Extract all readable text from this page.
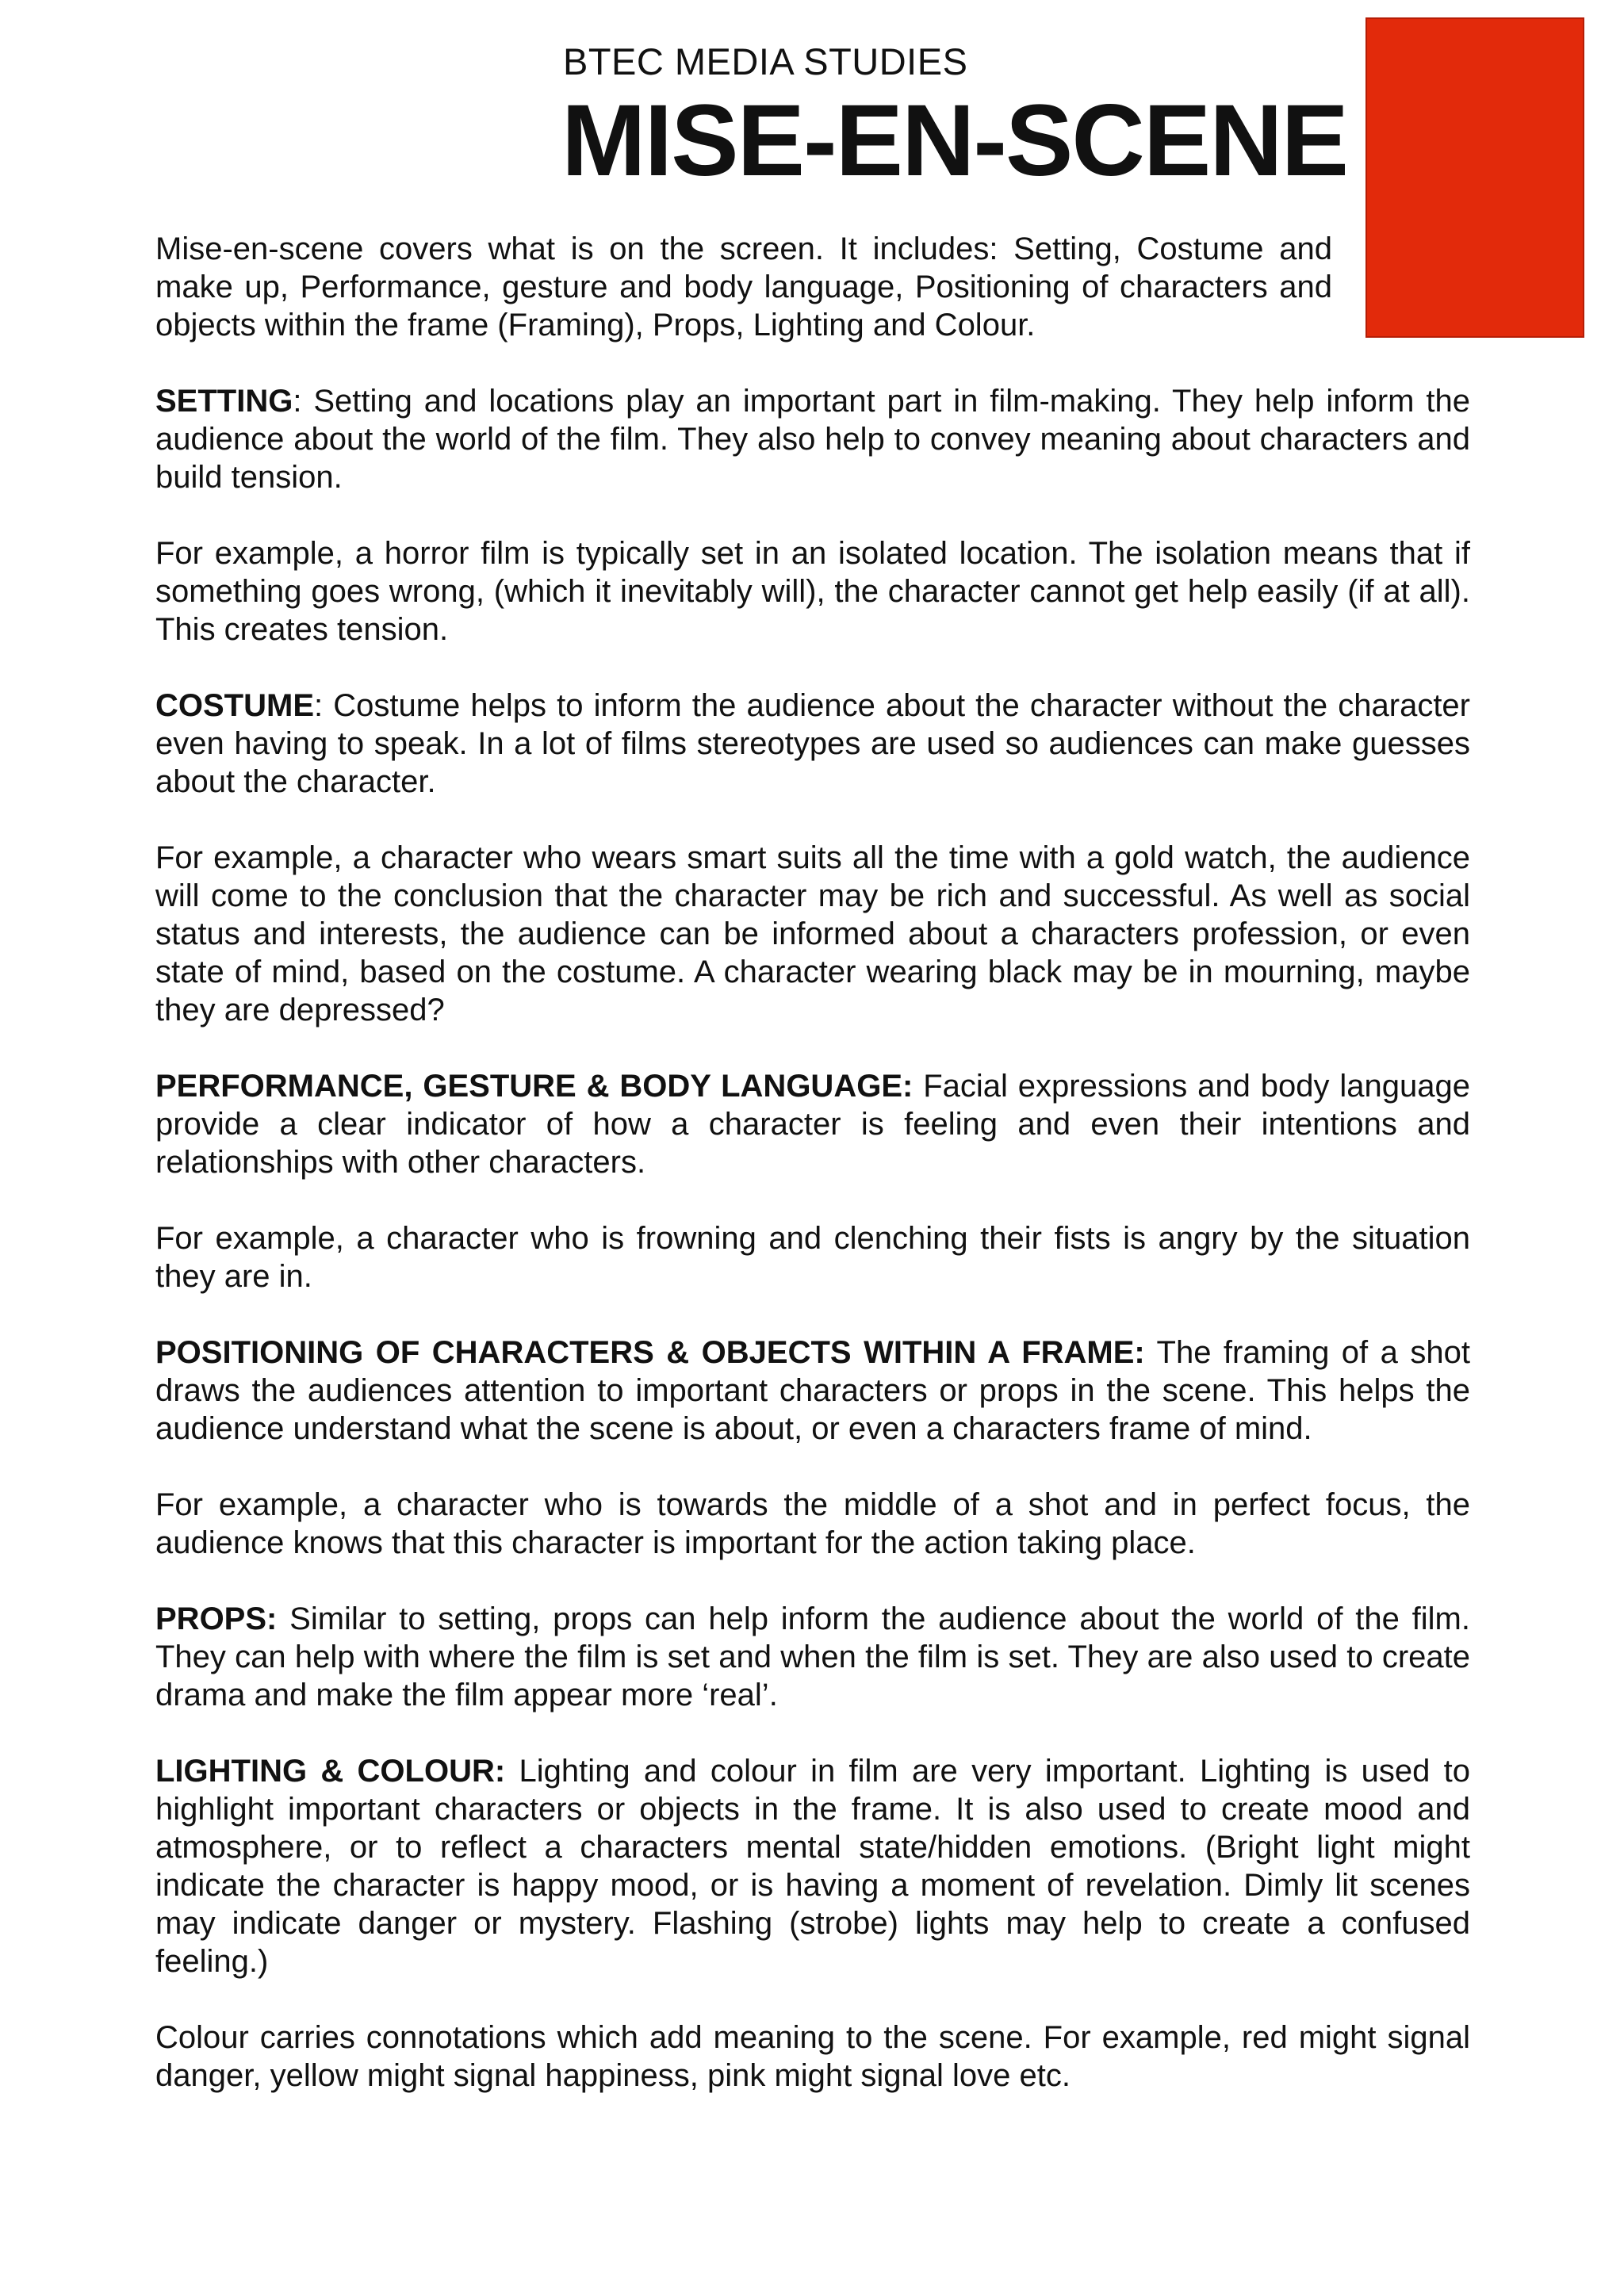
BTEC MEDIA STUDIES
MISE-EN-SCENE

Mise-en-scene covers what is on the screen. It includes: Setting, Costume and make up, Performance, gesture and body language, Positioning of characters and objects within the frame (Framing), Props, Lighting and Colour.

SETTING: Setting and locations play an important part in film-making. They help inform the audience about the world of the film. They also help to convey meaning about characters and build tension.

For example, a horror film is typically set in an isolated location. The isolation means that if something goes wrong, (which it inevitably will), the character cannot get help easily (if at all). This creates tension.

COSTUME: Costume helps to inform the audience about the character without the character even having to speak. In a lot of films stereotypes are used so audiences can make guesses about the character.

For example, a character who wears smart suits all the time with a gold watch, the audience will come to the conclusion that the character may be rich and successful. As well as social status and interests, the audience can be informed about a characters profession, or even state of mind, based on the costume. A character wearing black may be in mourning, maybe they are depressed?

PERFORMANCE, GESTURE & BODY LANGUAGE: Facial expressions and body language provide a clear indicator of how a character is feeling and even their intentions and relationships with other characters.

For example, a character who is frowning and clenching their fists is angry by the situation they are in.

POSITIONING OF CHARACTERS & OBJECTS WITHIN A FRAME: The framing of a shot draws the audiences attention to important characters or props in the scene. This helps the audience understand what the scene is about, or even a characters frame of mind.

For example, a character who is towards the middle of a shot and in perfect focus, the audience knows that this character is important for the action taking place.

PROPS: Similar to setting, props can help inform the audience about the world of the film. They can help with where the film is set and when the film is set. They are also used to create drama and make the film appear more ‘real’.

LIGHTING & COLOUR: Lighting and colour in film are very important. Lighting is used to highlight important characters or objects in the frame. It is also used to create mood and atmosphere, or to reflect a characters mental state/hidden emotions. (Bright light might indicate the character is happy mood, or is having a moment of revelation. Dimly lit scenes may indicate danger or mystery. Flashing (strobe) lights may help to create a confused feeling.)

Colour carries connotations which add meaning to the scene. For example, red might signal danger, yellow might signal happiness, pink might signal love etc.
